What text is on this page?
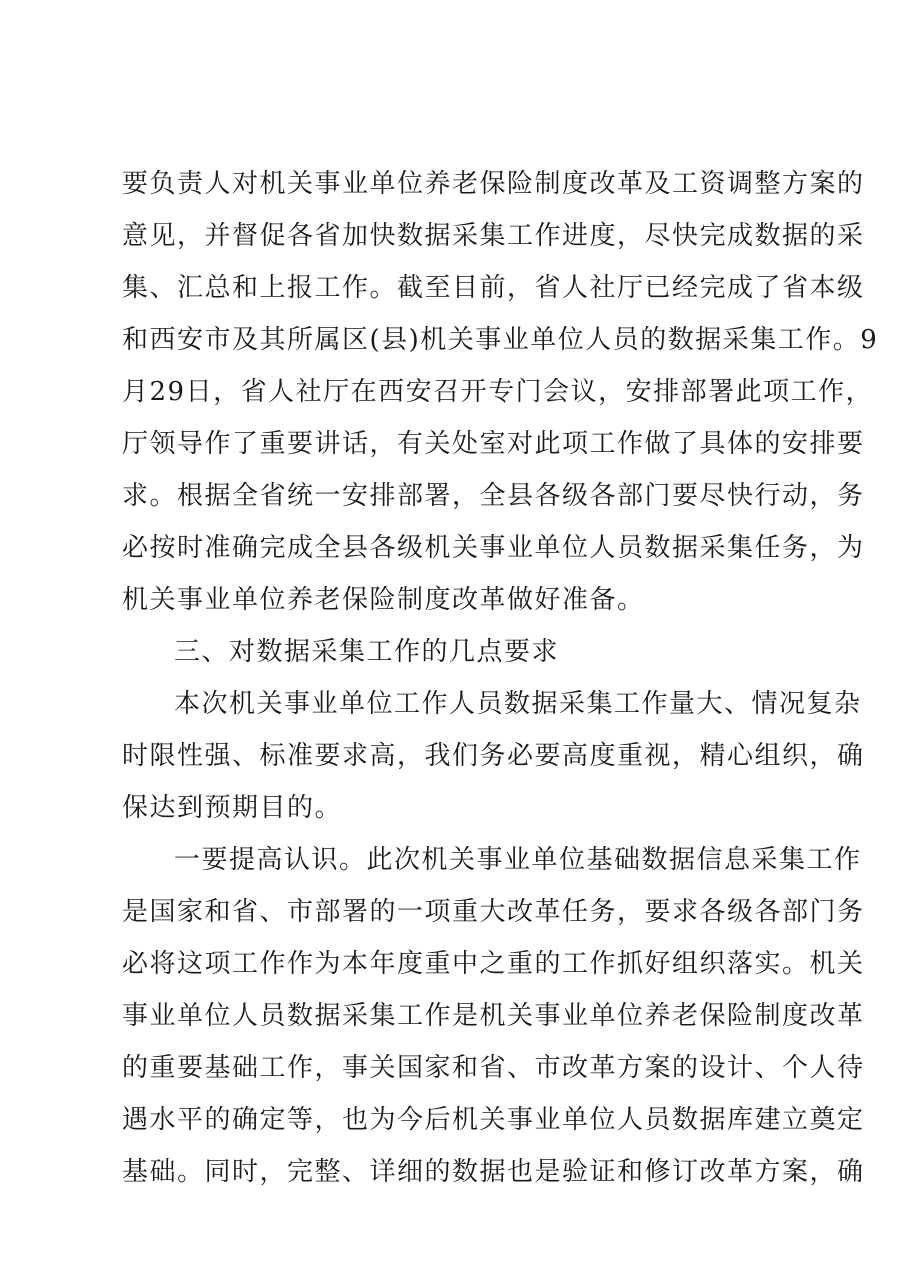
要负责人对机关事业单位养老保险制度改革及工资调整方案的
意见，并督促各省加快数据采集工作进度，尽快完成数据的采
集、汇总和上报工作。截至目前，省人社厅已经完成了省本级
和西安市及其所属区(县)机关事业单位人员的数据采集工作。9
月29日，省人社厅在西安召开专门会议，安排部署此项工作，
厅领导作了重要讲话，有关处室对此项工作做了具体的安排要
求。根据全省统一安排部署，全县各级各部门要尽快行动，务
必按时准确完成全县各级机关事业单位人员数据采集任务，为
机关事业单位养老保险制度改革做好准备。
三、对数据采集工作的几点要求
本次机关事业单位工作人员数据采集工作量大、情况复杂
时限性强、标准要求高，我们务必要高度重视，精心组织，确
保达到预期目的。
一要提高认识。此次机关事业单位基础数据信息采集工作
是国家和省、市部署的一项重大改革任务，要求各级各部门务
必将这项工作作为本年度重中之重的工作抓好组织落实。机关
事业单位人员数据采集工作是机关事业单位养老保险制度改革
的重要基础工作，事关国家和省、市改革方案的设计、个人待
遇水平的确定等，也为今后机关事业单位人员数据库建立奠定
基础。同时，完整、详细的数据也是验证和修订改革方案，确
